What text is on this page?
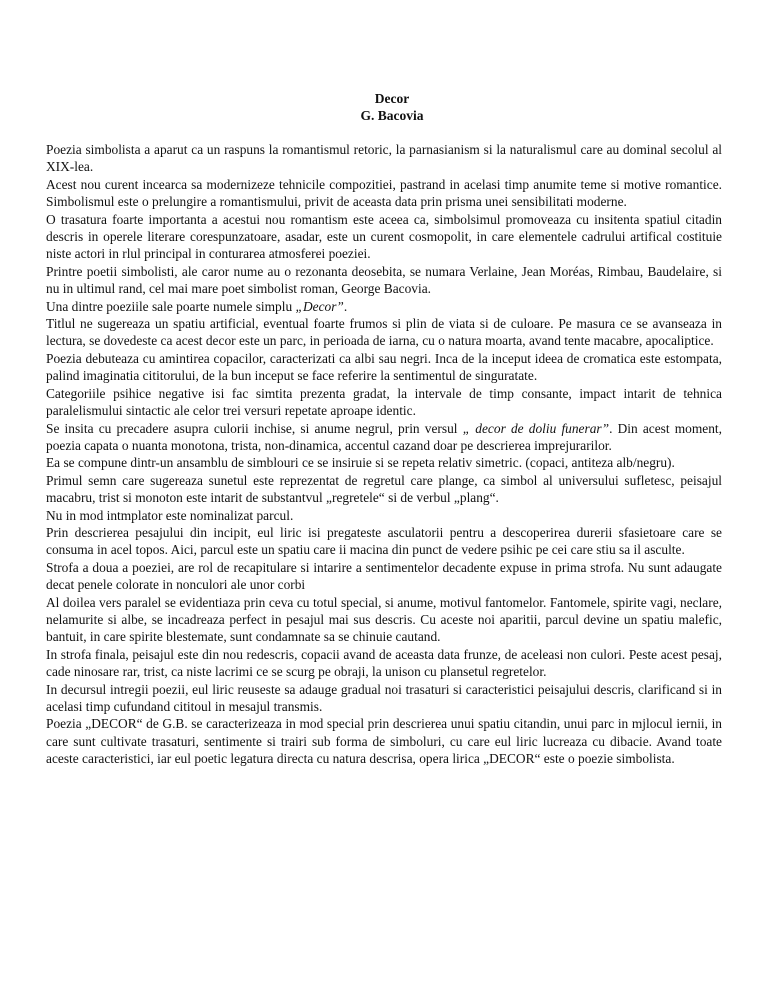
Decor
G. Bacovia

Poezia simbolista a aparut ca un raspuns la romantismul retoric, la parnasianism si la naturalismul care au dominal secolul al XIX-lea.

Acest nou curent incearca sa modernizeze tehnicile compozitiei, pastrand in acelasi timp anumite teme si motive romantice. Simbolismul este o prelungire a romantismului, privit de aceasta data prin prisma unei sensibilitati moderne.

O trasatura foarte importanta a acestui nou romantism este aceea ca, simbolsimul promoveaza cu insitenta spatiul citadin descris in operele literare corespunzatoare, asadar, este un curent cosmopolit, in care elementele cadrului artifical costituie niste actori in rlul principal in conturarea atmosferei poeziei.

Printre poetii simbolisti, ale caror nume au o rezonanta deosebita, se numara Verlaine, Jean Moréas, Rimbau, Baudelaire, si nu in ultimul rand, cel mai mare poet simbolist roman, George Bacovia.

Una dintre poeziile sale poarte numele simplu „Decor”.

Titlul ne sugereaza un spatiu artificial, eventual foarte frumos si plin de viata si de culoare. Pe masura ce se avanseaza in lectura, se dovedeste ca acest decor este un parc, in perioada de iarna, cu o natura moarta, avand tente macabre, apocaliptice.

Poezia debuteaza cu amintirea copacilor, caracterizati ca albi sau negri. Inca de la inceput ideea de cromatica este estompata, palind imaginatia cititorului, de la bun inceput se face referire la sentimentul de singuratate.

Categoriile psihice negative isi fac simtita prezenta gradat, la intervale de timp consante, impact intarit de tehnica paralelismului sintactic ale celor trei versuri repetate aproape identic.

Se insita cu precadere asupra culorii inchise, si anume negrul, prin versul „ decor de doliu funerar”. Din acest moment, poezia capata o nuanta monotona, trista, non-dinamica, accentul cazand doar pe descrierea imprejurarilor.

Ea se compune dintr-un ansamblu de simblouri ce se insiruie si se repeta relativ simetric. (copaci, antiteza alb/negru).

Primul semn care sugereaza sunetul este reprezentat de regretul care plange, ca simbol al universului sufletesc, peisajul macabru, trist si monoton este intarit de substantvul „regretele“ si de verbul „plang“.

Nu in mod intmplator este nominalizat parcul.

Prin descrierea pesajului din incipit, eul liric isi pregateste asculatorii pentru a descoperirea durerii sfasietoare care se consuma in acel topos. Aici, parcul este un spatiu care ii macina din punct de vedere psihic pe cei care stiu sa il asculte.

Strofa a doua a poeziei, are rol de recapitulare si intarire a sentimentelor decadente expuse in prima strofa. Nu sunt adaugate decat penele colorate in nonculori ale unor corbi

Al doilea vers paralel se evidentiaza prin ceva cu totul special, si anume, motivul fantomelor. Fantomele, spirite vagi, neclare, nelamurite si albe, se incadreaza perfect in pesajul mai sus descris. Cu aceste noi aparitii, parcul devine un spatiu malefic, bantuit, in care spirite blestemate, sunt condamnate sa se chinuie cautand.

In strofa finala, peisajul este din nou redescris, copacii avand de aceasta data frunze, de aceleasi non culori. Peste acest pesaj, cade ninosare rar, trist, ca niste lacrimi ce se scurg pe obraji, la unison cu plansetul regretelor.

In decursul intregii poezii, eul liric reuseste sa adauge gradual noi trasaturi si caracteristici peisajului descris, clarificand si in acelasi timp cufundand cititoul in mesajul transmis.

Poezia „DECOR“ de G.B. se caracterizeaza in mod special prin descrierea unui spatiu citandin, unui parc in mjlocul iernii, in care sunt cultivate trasaturi, sentimente si trairi sub forma de simboluri, cu care eul liric lucreaza cu dibacie. Avand toate aceste caracteristici, iar eul poetic legatura directa cu natura descrisa, opera lirica „DECOR“ este o poezie simbolista.
